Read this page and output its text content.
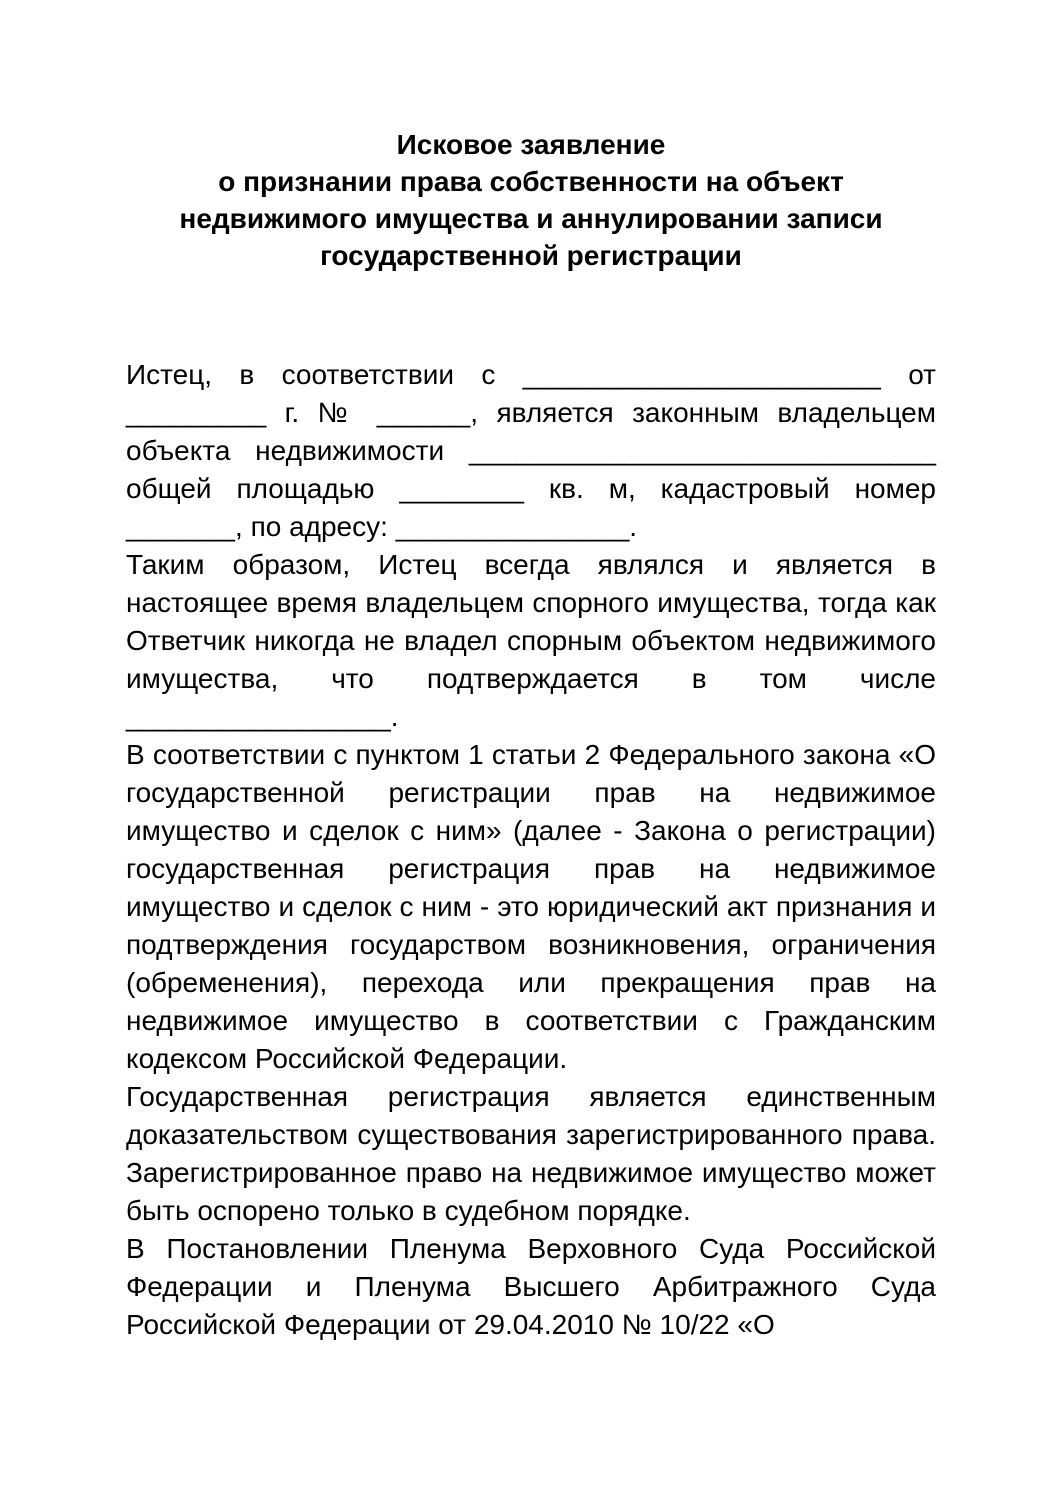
Исковое заявление
о признании права собственности на объект
недвижимого имущества и аннулировании записи
государственной регистрации

Истец, в соответствии с _______________________ от _________ г. № ______, является законным владельцем объекта недвижимости ______________________________ общей площадью ________ кв. м, кадастровый номер _______, по адресу: _______________.

Таким образом, Истец всегда являлся и является в настоящее время владельцем спорного имущества, тогда как Ответчик никогда не владел спорным объектом недвижимого имущества, что подтверждается в том числе _________________.

В соответствии с пунктом 1 статьи 2 Федерального закона «О государственной регистрации прав на недвижимое имущество и сделок с ним» (далее - Закона о регистрации) государственная регистрация прав на недвижимое имущество и сделок с ним - это юридический акт признания и подтверждения государством возникновения, ограничения (обременения), перехода или прекращения прав на недвижимое имущество в соответствии с Гражданским кодексом Российской Федерации.

Государственная регистрация является единственным доказательством существования зарегистрированного права. Зарегистрированное право на недвижимое имущество может быть оспорено только в судебном порядке.

В Постановлении Пленума Верховного Суда Российской Федерации и Пленума Высшего Арбитражного Суда Российской Федерации от 29.04.2010 № 10/22 «О
